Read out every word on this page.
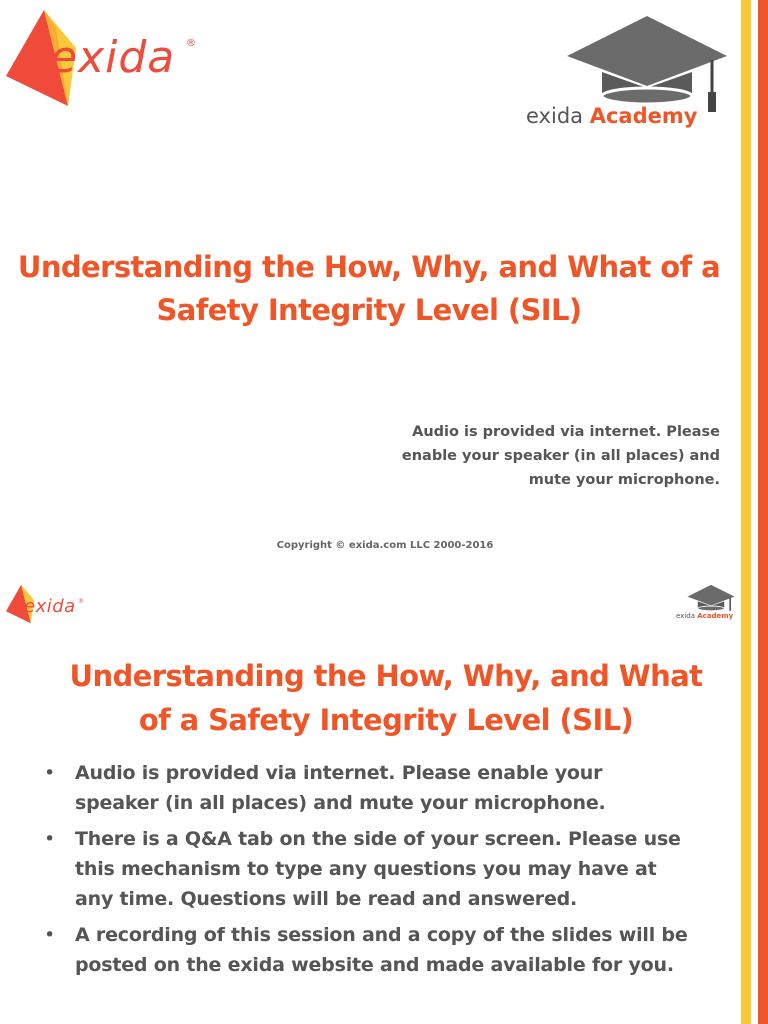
exida ®
exida Academy
Understanding the How, Why, and What of a
Safety Integrity Level (SIL)
Audio is provided via internet. Please
enable your speaker (in all places) and
mute your microphone.
Copyright © exida.com LLC 2000-2016
exida ®
exida Academy
Understanding the How, Why, and What
of a Safety Integrity Level (SIL)
• Audio is provided via internet. Please enable your
speaker (in all places) and mute your microphone.
• There is a Q&A tab on the side of your screen. Please use
this mechanism to type any questions you may have at
any time. Questions will be read and answered.
• A recording of this session and a copy of the slides will be
posted on the exida website and made available for you.
